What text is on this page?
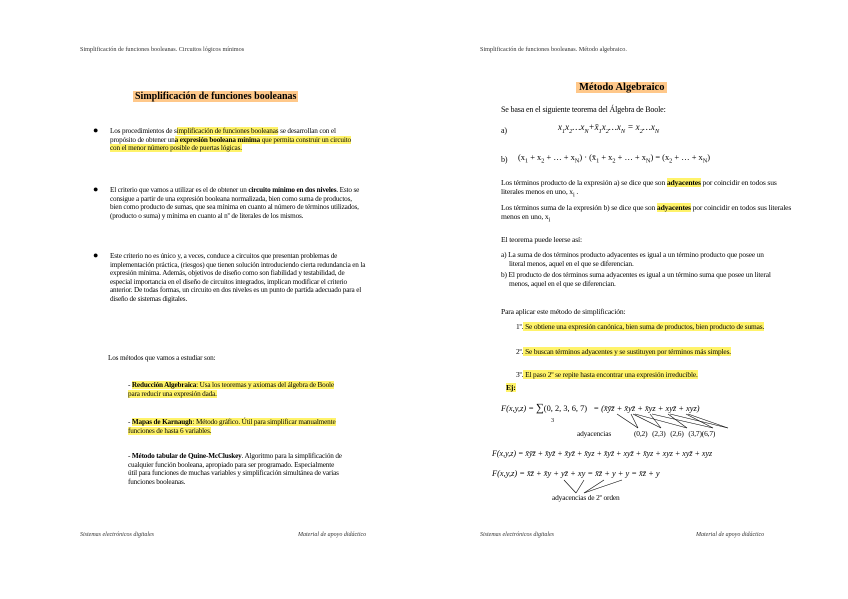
Simplificación de funciones booleanas. Circuitos lógicos mínimos
Simplificación de funciones booleanas
● Los procedimientos de simplificación de funciones booleanas se desarrollan con el propósito de obtener una expresión booleana mínima que permita construir un circuito con el menor número posible de puertas lógicas.
● El criterio que vamos a utilizar es el de obtener un circuito mínimo en dos niveles. Esto se consigue a partir de una expresión booleana normalizada, bien como suma de productos, bien como producto de sumas, que sea mínima en cuanto al número de términos utilizados, (producto o suma) y mínima en cuanto al nº de literales de los mismos.
● Este criterio no es único y, a veces, conduce a circuitos que presentan problemas de implementación práctica, (riesgos) que tienen solución introduciendo cierta redundancia en la expresión mínima. Además, objetivos de diseño como son fiabilidad y testabilidad, de especial importancia en el diseño de circuitos integrados, implican modificar el criterio anterior. De todas formas, un circuito en dos niveles es un punto de partida adecuado para el diseño de sistemas digitales.
Los métodos que vamos a estudiar son:
- Reducción Algebraica: Usa los teoremas y axiomas del álgebra de Boole para reducir una expresión dada.
- Mapas de Karnaugh: Método gráfico. Útil para simplificar manualmente funciones de hasta 6 variables.
- Método tabular de Quine-McCluskey. Algoritmo para la simplificación de cualquier función booleana, apropiado para ser programado. Especialmente útil para funciones de muchas variables y simplificación simultánea de varias funciones booleanas.
Sistemas electrónicos digitales	Material de apoyo didáctico
Simplificación de funciones booleanas. Método algebraico.
Método Algebraico
Se basa en el siguiente teorema del Álgebra de Boole:
a)	$x_1x_2\dots x_N+x̄_1x_2\dots x_N$ = $x_2\dots x_N$
b) ($x_1 + x_2$ + … + $x_N$) · ($x̄_1 + x_2$ + … + $x_N) = (x_2$ + … + $x_N$)
Los términos producto de la expresión a) se dice que son adyacentes por coincidir en todos sus literales menos en uno, $x_i$ .
Los términos suma de la expresión b) se dice que son adyacentes por coincidir en todos sus literales menos en uno, $x_i$
El teorema puede leerse así:
a) La suma de dos términos producto adyacentes es igual a un término producto que posee un literal menos, aquel en el que se diferencian.
b) El producto de dos términos suma adyacentes es igual a un término suma que posee un literal menos, aquel en el que se diferencian.
Para aplicar este método de simplificación:
1º. Se obtiene una expresión canónica, bien suma de productos, bien producto de sumas.
2º. Se buscan términos adyacentes y se sustituyen por términos más simples.
3º. El paso 2º se repite hasta encontrar una expresión irreducible.
Ej:
F(x,y,z) = ∑(0, 2, 3, 6, 7) = (x̄ȳz̄ + x̄yz̄ + x̄yz + xyz̄ + xyz)
3
adyacencias	(0,2) (2,3) (2,6) (3,7)(6,7)
F(x,y,z) = x̄ȳz̄ + x̄yz̄ + x̄yz̄ + x̄yz + x̄yz̄ + xyz̄ + x̄yz + xyz + xyz̄ + xyz
F(x,y,z) = x̄z̄ + x̄y + yz̄ + xy = x̄z̄ + y + y = x̄z̄ + y
adyacencias de 2º orden
Sistemas electrónicos digitales	Material de apoyo didáctico
